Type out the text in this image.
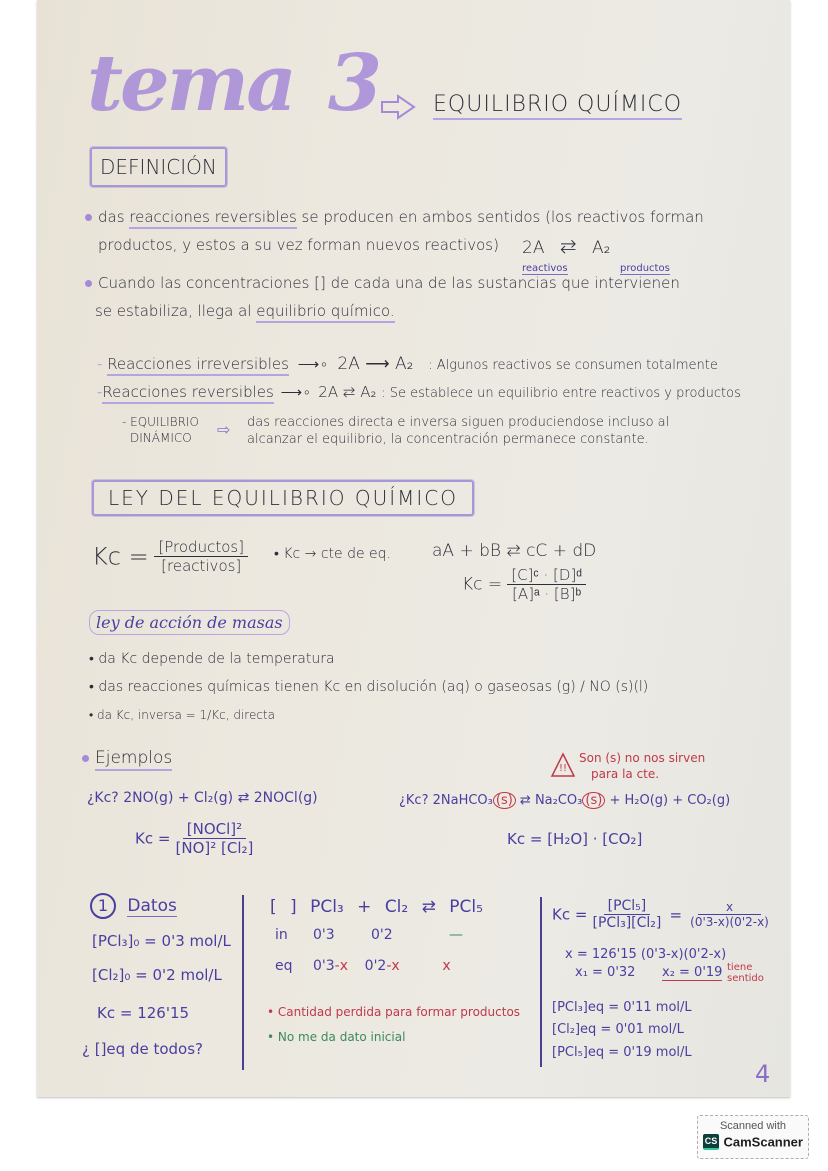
tema 3 EQUILIBRIO QUÍMICO
DEFINICIÓN
das reacciones reversibles se producen en ambos sentidos (los reactivos forman
productos, y estos a su vez forman nuevos reactivos) 2A ⇄ A₂
reactivos	productos
Cuando las concentraciones [] de cada una de las sustancias que intervienen
se estabiliza, llega al equilibrio químico.
- Reacciones irreversibles ⟶∘ 2A ⟶ A₂ : Algunos reactivos se consumen totalmente
-Reacciones reversibles ⟶∘ 2A ⇄ A₂ : Se establece un equilibrio entre reactivos y productos
- EQUILIBRIO
DINÁMICO	⇨ das reacciones directa e inversa siguen produciendose incluso al
alcanzar el equilibrio, la concentración permanece constante.
LEY DEL EQUILIBRIO QUÍMICO
$Kc = \frac{\text{[Productos]}}{\text{[reactivos]}}$ • Kc → cte de eq. aA + bB ⇄ cC + dD
$Kc = \frac{\text{[C]ᶜ · [D]ᵈ}}{\text{[A]ᵃ · [B]ᵇ}}$
ley de acción de masas
• da Kc depende de la temperatura
• das reacciones químicas tienen Kc en disolución (aq) o gaseosas (g) / NO (s)(l)
• da Kc, inversa = 1/Kc, directa
Ejemplos
!!
Son (s) no nos sirven
para la cte.
¿Kc? 2NO(g) + Cl₂(g) ⇄ 2NOCl(g)
$Kc = \frac{\text{[NOCl]²}}{\text{[NO]² [Cl₂]}}$
¿Kc? 2NaHCO₃ (s) ⇄ Na₂CO₃ (s) + H₂O(g) + CO₂(g)
Kc = [H₂O] · [CO₂]
1 Datos
[PCl₃]₀ = 0'3 mol/L
[Cl₂]₀ = 0'2 mol/L
Kc = 126'15
¿ []eq de todos?
[ ] PCl₃ + Cl₂ ⇄ PCl₅
in 0'3	0'2	—
eq 0'3-x 0'2-x	x
• Cantidad perdida para formar productos
• No me da dato inicial
$Kc = \frac{\text{[PCl₅]}}{\text{[PCl₃][Cl₂]}} = \frac{x}{(0'3-x)(0'2-x)}$
x = 126'15 (0'3-x)(0'2-x)
x₁ = 0'32 x₂ = 0'19 tiene
sentido
[PCl₃]eq = 0'11 mol/L
[Cl₂]eq = 0'01 mol/L
[PCl₅]eq = 0'19 mol/L
4
Scanned with
CS CamScanner
